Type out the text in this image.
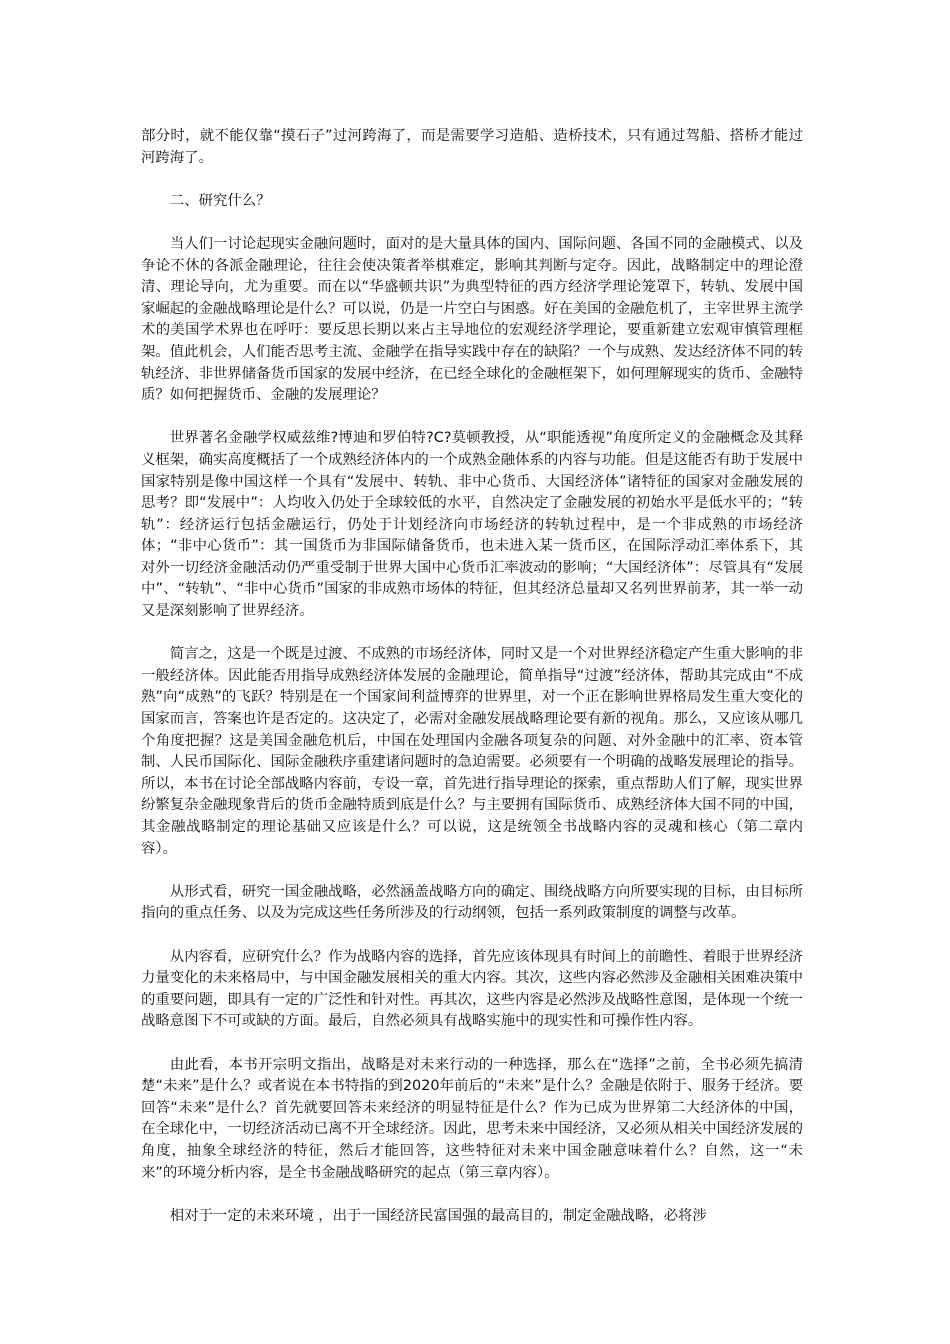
部分时，就不能仅靠“摸石子”过河跨海了，而是需要学习造船、造桥技术，只有通过驾船、搭桥才能过河跨海了。

二、研究什么？

当人们一讨论起现实金融问题时，面对的是大量具体的国内、国际问题、各国不同的金融模式、以及争论不休的各派金融理论，往往会使决策者举棋难定，影响其判断与定夺。因此，战略制定中的理论澄清、理论导向，尤为重要。而在以“华盛顿共识”为典型特征的西方经济学理论笼罩下，转轨、发展中国家崛起的金融战略理论是什么？可以说，仍是一片空白与困惑。好在美国的金融危机了，主宰世界主流学术的美国学术界也在呼吁：要反思长期以来占主导地位的宏观经济学理论，要重新建立宏观审慎管理框架。值此机会，人们能否思考主流、金融学在指导实践中存在的缺陷？一个与成熟、发达经济体不同的转轨经济、非世界储备货币国家的发展中经济，在已经全球化的金融框架下，如何理解现实的货币、金融特质？如何把握货币、金融的发展理论？

世界著名金融学权威兹维?博迪和罗伯特?C?莫顿教授，从“职能透视”角度所定义的金融概念及其释义框架，确实高度概括了一个成熟经济体内的一个成熟金融体系的内容与功能。但是这能否有助于发展中国家特别是像中国这样一个具有“发展中、转轨、非中心货币、大国经济体”诸特征的国家对金融发展的思考？即“发展中”：人均收入仍处于全球较低的水平，自然决定了金融发展的初始水平是低水平的；“转轨”：经济运行包括金融运行，仍处于计划经济向市场经济的转轨过程中，是一个非成熟的市场经济体；“非中心货币”：其一国货币为非国际储备货币，也未进入某一货币区，在国际浮动汇率体系下，其对外一切经济金融活动仍严重受制于世界大国中心货币汇率波动的影响；“大国经济体”：尽管具有“发展中”、“转轨”、“非中心货币”国家的非成熟市场体的特征，但其经济总量却又名列世界前茅，其一举一动又是深刻影响了世界经济。

简言之，这是一个既是过渡、不成熟的市场经济体，同时又是一个对世界经济稳定产生重大影响的非一般经济体。因此能否用指导成熟经济体发展的金融理论，简单指导“过渡”经济体，帮助其完成由“不成熟”向“成熟”的飞跃？特别是在一个国家间利益博弈的世界里，对一个正在影响世界格局发生重大变化的国家而言，答案也许是否定的。这决定了，必需对金融发展战略理论要有新的视角。那么，又应该从哪几个角度把握？这是美国金融危机后，中国在处理国内金融各项复杂的问题、对外金融中的汇率、资本管制、人民币国际化、国际金融秩序重建诸问题时的急迫需要。必须要有一个明确的战略发展理论的指导。所以，本书在讨论全部战略内容前，专设一章，首先进行指导理论的探索，重点帮助人们了解，现实世界纷繁复杂金融现象背后的货币金融特质到底是什么？与主要拥有国际货币、成熟经济体大国不同的中国，其金融战略制定的理论基础又应该是什么？可以说，这是统领全书战略内容的灵魂和核心（第二章内容）。

从形式看，研究一国金融战略，必然涵盖战略方向的确定、围绕战略方向所要实现的目标，由目标所指向的重点任务、以及为完成这些任务所涉及的行动纲领，包括一系列政策制度的调整与改革。

从内容看，应研究什么？作为战略内容的选择，首先应该体现具有时间上的前瞻性、着眼于世界经济力量变化的未来格局中，与中国金融发展相关的重大内容。其次，这些内容必然涉及金融相关困难决策中的重要问题，即具有一定的广泛性和针对性。再其次，这些内容是必然涉及战略性意图，是体现一个统一战略意图下不可或缺的方面。最后，自然必须具有战略实施中的现实性和可操作性内容。

由此看，本书开宗明文指出，战略是对未来行动的一种选择，那么在“选择”之前，全书必须先搞清楚“未来”是什么？或者说在本书特指的到2020年前后的“未来”是什么？金融是依附于、服务于经济。要回答“未来”是什么？首先就要回答未来经济的明显特征是什么？作为已成为世界第二大经济体的中国，在全球化中，一切经济活动已离不开全球经济。因此，思考未来中国经济，又必须从相关中国经济发展的角度，抽象全球经济的特征，然后才能回答，这些特征对未来中国金融意味着什么？自然，这一“未来”的环境分析内容，是全书金融战略研究的起点（第三章内容）。

相对于一定的未来环境 ，出于一国经济民富国强的最高目的，制定金融战略，必将涉
